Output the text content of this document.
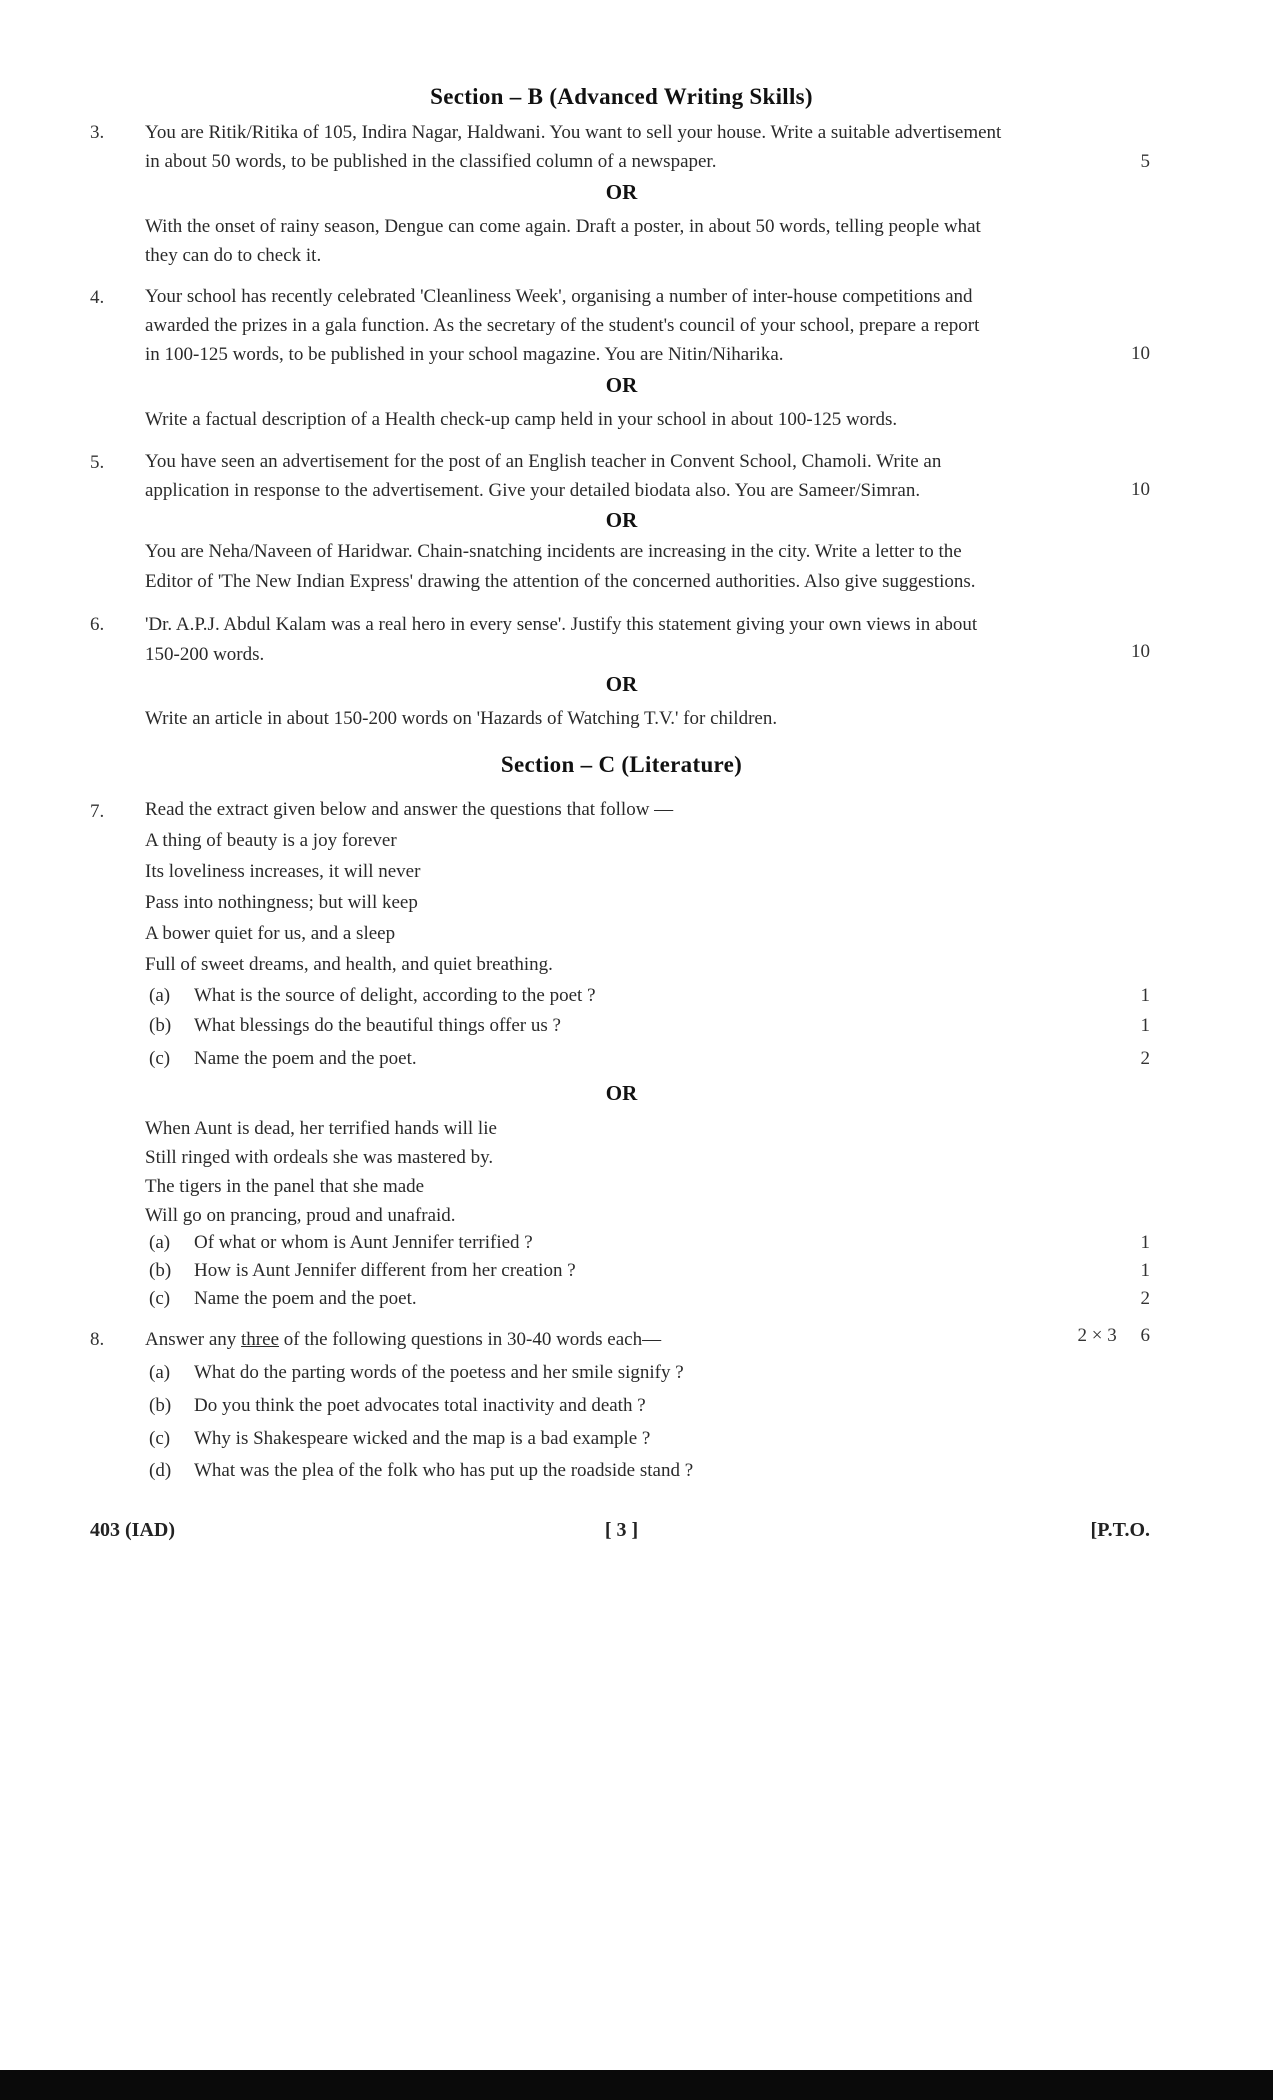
Section – B (Advanced Writing Skills)
3. You are Ritik/Ritika of 105, Indira Nagar, Haldwani. You want to sell your house. Write a suitable advertisement
in about 50 words, to be published in the classified column of a newspaper.	5
OR
With the onset of rainy season, Dengue can come again. Draft a poster, in about 50 words, telling people what
they can do to check it.
4. Your school has recently celebrated 'Cleanliness Week', organising a number of inter-house competitions and
awarded the prizes in a gala function. As the secretary of the student's council of your school, prepare a report
in 100-125 words, to be published in your school magazine. You are Nitin/Niharika.	10
OR
Write a factual description of a Health check-up camp held in your school in about 100-125 words.
5. You have seen an advertisement for the post of an English teacher in Convent School, Chamoli. Write an
application in response to the advertisement. Give your detailed biodata also. You are Sameer/Simran.	10
OR
You are Neha/Naveen of Haridwar. Chain-snatching incidents are increasing in the city. Write a letter to the
Editor of 'The New Indian Express' drawing the attention of the concerned authorities. Also give suggestions.
6. 'Dr. A.P.J. Abdul Kalam was a real hero in every sense'. Justify this statement giving your own views in about
150-200 words.	10
OR
Write an article in about 150-200 words on 'Hazards of Watching T.V.' for children.
Section – C (Literature)
7. Read the extract given below and answer the questions that follow —
A thing of beauty is a joy forever
Its loveliness increases, it will never
Pass into nothingness; but will keep
A bower quiet for us, and a sleep
Full of sweet dreams, and health, and quiet breathing.
(a) What is the source of delight, according to the poet ?	1
(b) What blessings do the beautiful things offer us ?	1
(c) Name the poem and the poet.	2
OR
When Aunt is dead, her terrified hands will lie
Still ringed with ordeals she was mastered by.
The tigers in the panel that she made
Will go on prancing, proud and unafraid.
(a) Of what or whom is Aunt Jennifer terrified ?	1
(b) How is Aunt Jennifer different from her creation ?	1
(c) Name the poem and the poet.	2
8. Answer any three of the following questions in 30-40 words each—	2 × 3 6
(a) What do the parting words of the poetess and her smile signify ?
(b) Do you think the poet advocates total inactivity and death ?
(c) Why is Shakespeare wicked and the map is a bad example ?
(d) What was the plea of the folk who has put up the roadside stand ?
403 (IAD)	[ 3 ]	[P.T.O.
